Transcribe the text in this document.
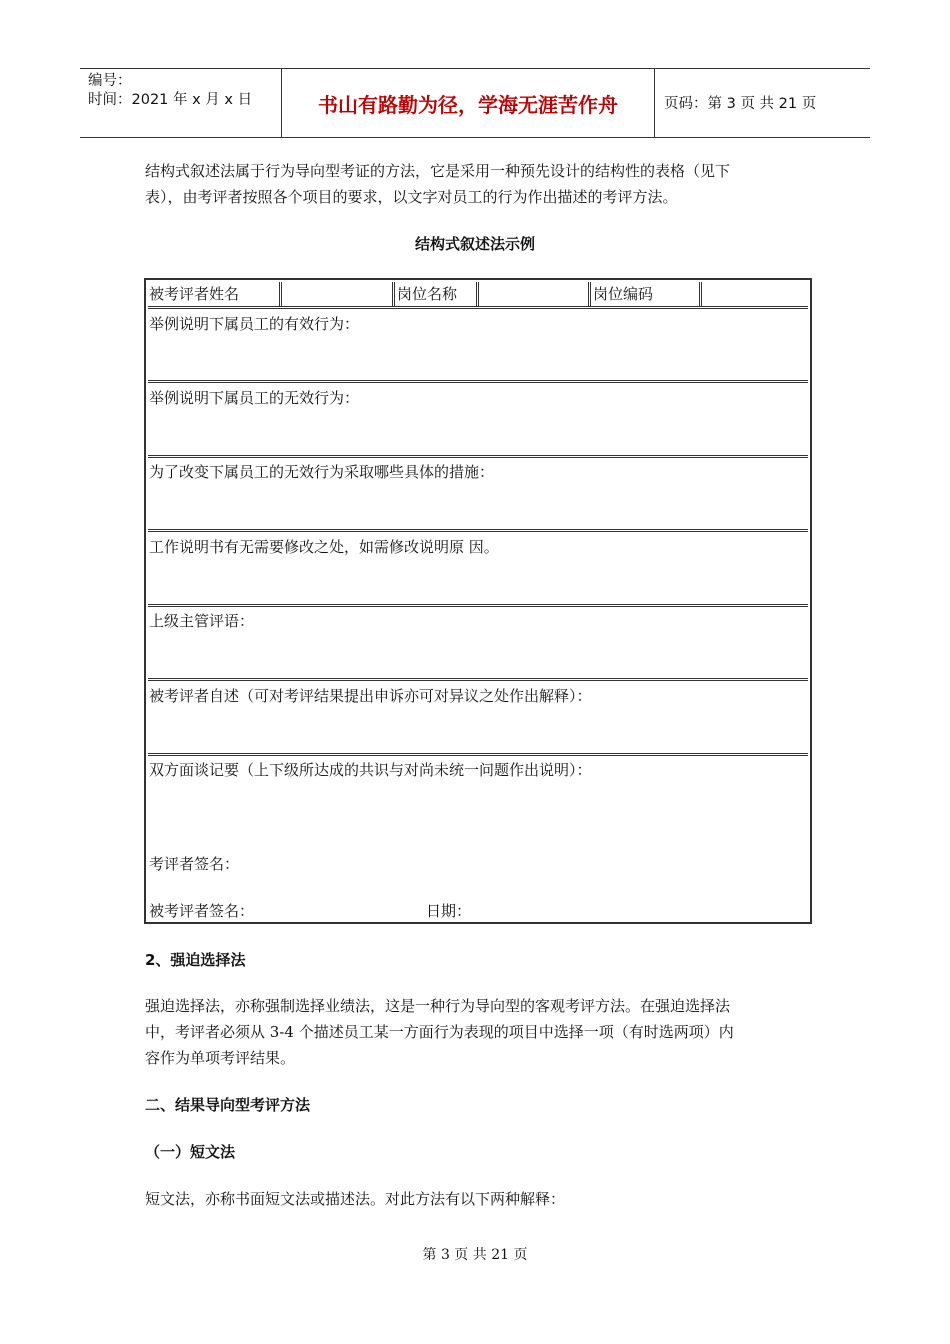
编号：
时间：2021 年 x 月 x 日	书山有路勤为径，学海无涯苦作舟	页码：第 3 页 共 21 页
结构式叙述法属于行为导向型考证的方法，它是采用一种预先设计的结构性的表格（见下
表），由考评者按照各个项目的要求，以文字对员工的行为作出描述的考评方法。
结构式叙述法示例
被考评者姓名	岗位名称	岗位编码
举例说明下属员工的有效行为：
举例说明下属员工的无效行为：
为了改变下属员工的无效行为采取哪些具体的措施：
工作说明书有无需要修改之处，如需修改说明原 因。
上级主管评语：
被考评者自述（可对考评结果提出申诉亦可对异议之处作出解释）：
双方面谈记要（上下级所达成的共识与对尚未统一问题作出说明）：
考评者签名：
被考评者签名：	日期：
2、强迫选择法
强迫选择法，亦称强制选择业绩法，这是一种行为导向型的客观考评方法。在强迫选择法
中，考评者必须从 3-4 个描述员工某一方面行为表现的项目中选择一项（有时选两项）内
容作为单项考评结果。
二、结果导向型考评方法
（一）短文法
短文法，亦称书面短文法或描述法。对此方法有以下两种解释：
第 3 页 共 21 页
